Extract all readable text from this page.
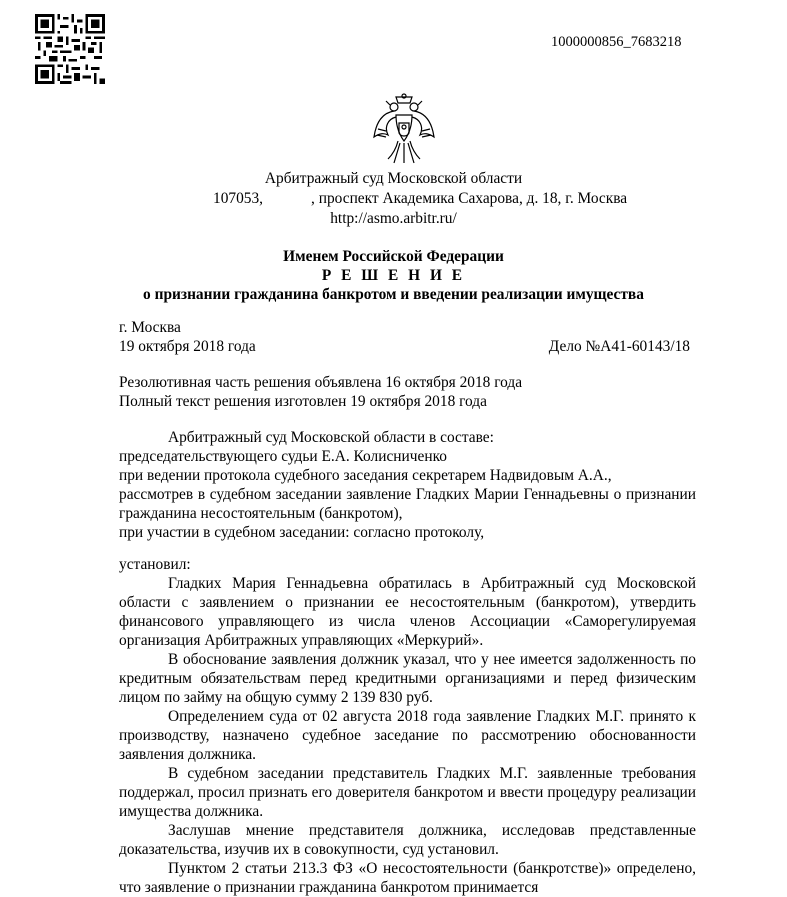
1000000856_7683218
Арбитражный суд Московской области
107053,	, проспект Академика Сахарова, д. 18, г. Москва
http://asmo.arbitr.ru/
Именем Российской Федерации
Р Е Ш Е Н И Е
о признании гражданина банкротом и введении реализации имущества
г. Москва
19 октября 2018 года	Дело №А41-60143/18
Резолютивная часть решения объявлена 16 октября 2018 года
Полный текст решения изготовлен 19 октября 2018 года

Арбитражный суд Московской области в составе:

председательствующего судьи Е.А. Колисниченко

при ведении протокола судебного заседания секретарем Надвидовым А.А.,

рассмотрев в судебном заседании заявление Гладких Марии Геннадьевны о признании гражданина несостоятельным (банкротом),

при участии в судебном заседании: согласно протоколу,

установил:

Гладких Мария Геннадьевна обратилась в Арбитражный суд Московской области с заявлением о признании ее несостоятельным (банкротом), утвердить финансового управляющего из числа членов Ассоциации «Саморегулируемая организация Арбитражных управляющих «Меркурий».

В обоснование заявления должник указал, что у нее имеется задолженность по кредитным обязательствам перед кредитными организациями и перед физическим лицом по займу на общую сумму 2 139 830 руб.

Определением суда от 02 августа 2018 года заявление Гладких М.Г. принято к производству, назначено судебное заседание по рассмотрению обоснованности заявления должника.

В судебном заседании представитель Гладких М.Г. заявленные требования поддержал, просил признать его доверителя банкротом и ввести процедуру реализации имущества должника.

Заслушав мнение представителя должника, исследовав представленные доказательства, изучив их в совокупности, суд установил.

Пунктом 2 статьи 213.3 ФЗ «О несостоятельности (банкротстве)» определено, что заявление о признании гражданина банкротом принимается
